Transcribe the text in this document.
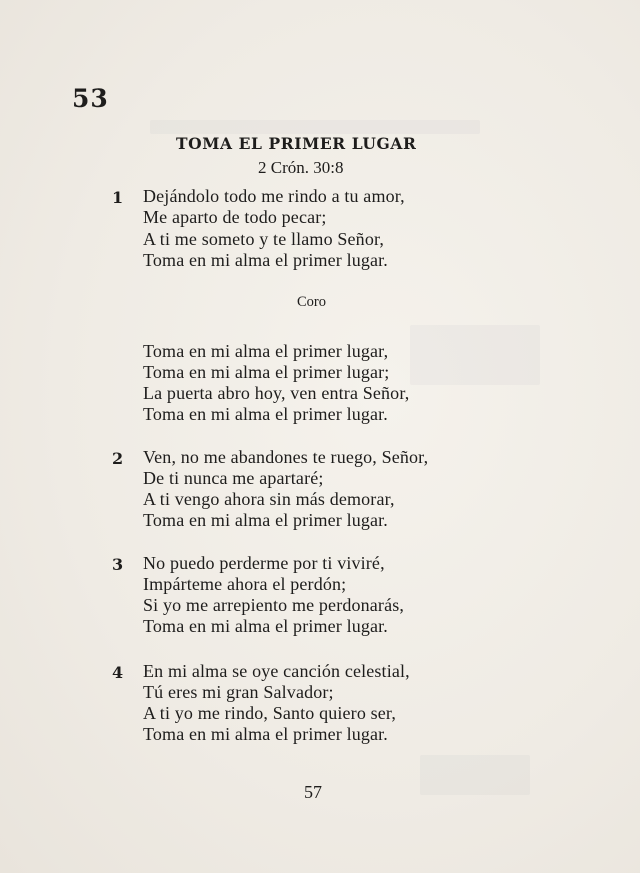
53
TOMA EL PRIMER LUGAR
2 Crón. 30:8
1 Dejándolo todo me rindo a tu amor,
Me aparto de todo pecar;
A ti me someto y te llamo Señor,
Toma en mi alma el primer lugar.
Coro
Toma en mi alma el primer lugar,
Toma en mi alma el primer lugar;
La puerta abro hoy, ven entra Señor,
Toma en mi alma el primer lugar.
2 Ven, no me abandones te ruego, Señor,
De ti nunca me apartaré;
A ti vengo ahora sin más demorar,
Toma en mi alma el primer lugar.
3 No puedo perderme por ti viviré,
Impárteme ahora el perdón;
Si yo me arrepiento me perdonarás,
Toma en mi alma el primer lugar.
4 En mi alma se oye canción celestial,
Tú eres mi gran Salvador;
A ti yo me rindo, Santo quiero ser,
Toma en mi alma el primer lugar.
57
